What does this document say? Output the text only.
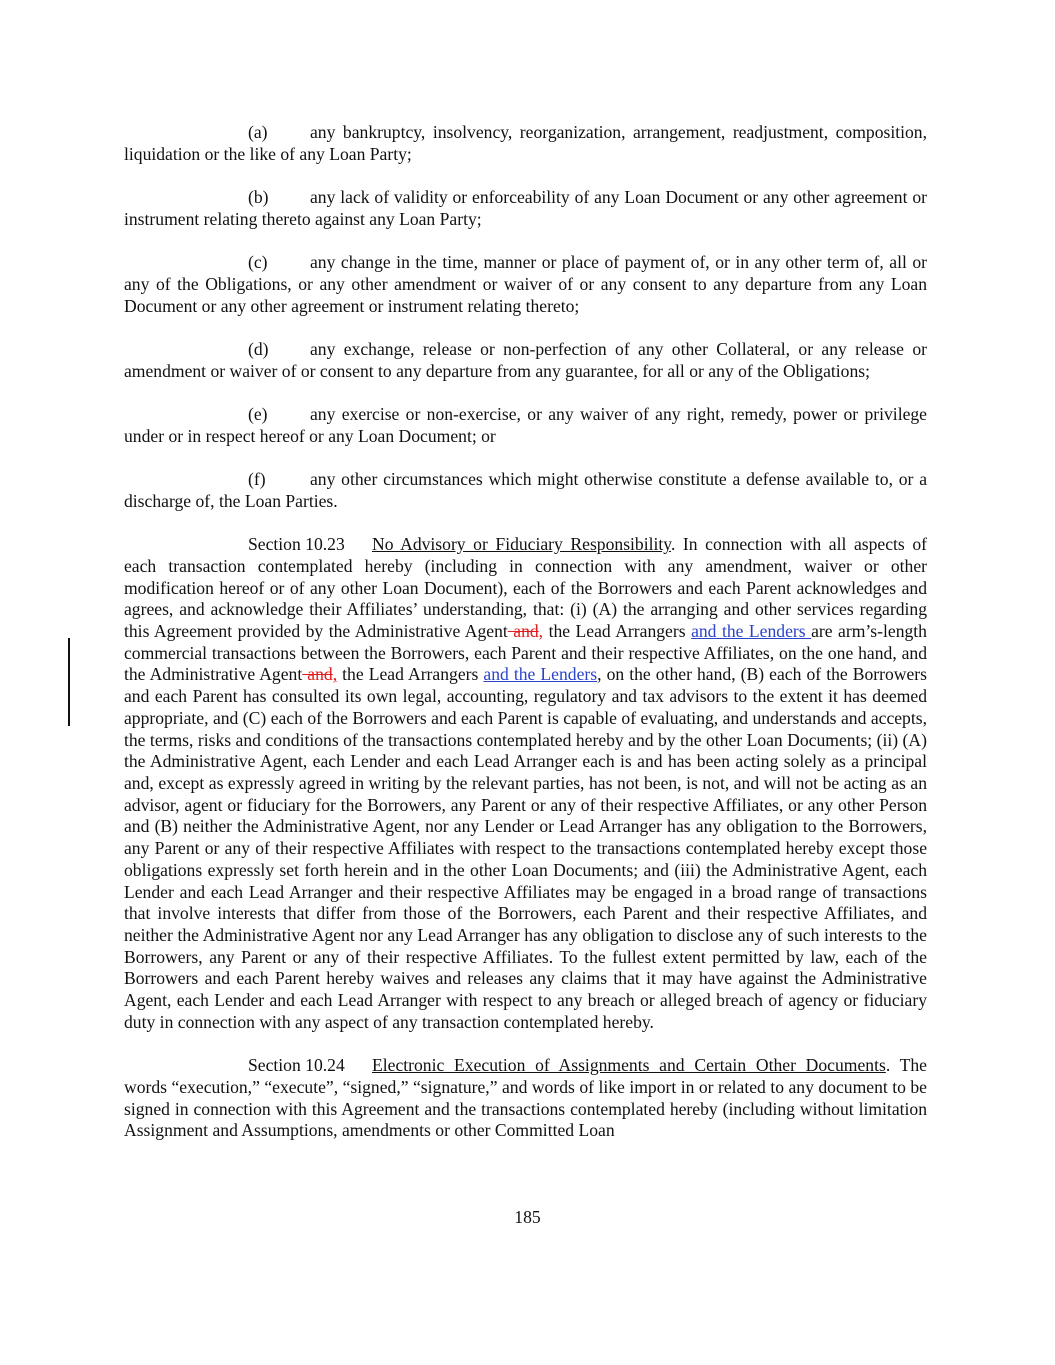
(a) any bankruptcy, insolvency, reorganization, arrangement, readjustment, composition, liquidation or the like of any Loan Party;

(b) any lack of validity or enforceability of any Loan Document or any other agreement or instrument relating thereto against any Loan Party;

(c) any change in the time, manner or place of payment of, or in any other term of, all or any of the Obligations, or any other amendment or waiver of or any consent to any departure from any Loan Document or any other agreement or instrument relating thereto;

(d) any exchange, release or non-perfection of any other Collateral, or any release or amendment or waiver of or consent to any departure from any guarantee, for all or any of the Obligations;

(e) any exercise or non-exercise, or any waiver of any right, remedy, power or privilege under or in respect hereof or any Loan Document; or

(f)	any other circumstances which might otherwise constitute a defense available to, or a discharge of, the Loan Parties.

Section 10.23 No Advisory or Fiduciary Responsibility. In connection with all aspects of each transaction contemplated hereby (including in connection with any amendment, waiver or other modification hereof or of any other Loan Document), each of the Borrowers and each Parent acknowledges and agrees, and acknowledge their Affiliates’ understanding, that: (i) (A) the arranging and other services regarding this Agreement provided by the Administrative Agent and, the Lead Arrangers and the Lenders are arm’s-length commercial transactions between the Borrowers, each Parent and their respective Affiliates, on the one hand, and the Administrative Agent and, the Lead Arrangers and the Lenders, on the other hand, (B) each of the Borrowers and each Parent has consulted its own legal, accounting, regulatory and tax advisors to the extent it has deemed appropriate, and (C) each of the Borrowers and each Parent is capable of evaluating, and understands and accepts, the terms, risks and conditions of the transactions contemplated hereby and by the other Loan Documents; (ii) (A) the Administrative Agent, each Lender and each Lead Arranger each is and has been acting solely as a principal and, except as expressly agreed in writing by the relevant parties, has not been, is not, and will not be acting as an advisor, agent or fiduciary for the Borrowers, any Parent or any of their respective Affiliates, or any other Person and (B) neither the Administrative Agent, nor any Lender or Lead Arranger has any obligation to the Borrowers, any Parent or any of their respective Affiliates with respect to the transactions contemplated hereby except those obligations expressly set forth herein and in the other Loan Documents; and (iii) the Administrative Agent, each Lender and each Lead Arranger and their respective Affiliates may be engaged in a broad range of transactions that involve interests that differ from those of the Borrowers, each Parent and their respective Affiliates, and neither the Administrative Agent nor any Lead Arranger has any obligation to disclose any of such interests to the Borrowers, any Parent or any of their respective Affiliates. To the fullest extent permitted by law, each of the Borrowers and each Parent hereby waives and releases any claims that it may have against the Administrative Agent, each Lender and each Lead Arranger with respect to any breach or alleged breach of agency or fiduciary duty in connection with any aspect of any transaction contemplated hereby.

Section 10.24 Electronic Execution of Assignments and Certain Other Documents. The words “execution,” “execute”, “signed,” “signature,” and words of like import in or related to any document to be signed in connection with this Agreement and the transactions contemplated hereby (including without limitation Assignment and Assumptions, amendments or other Committed Loan

185
